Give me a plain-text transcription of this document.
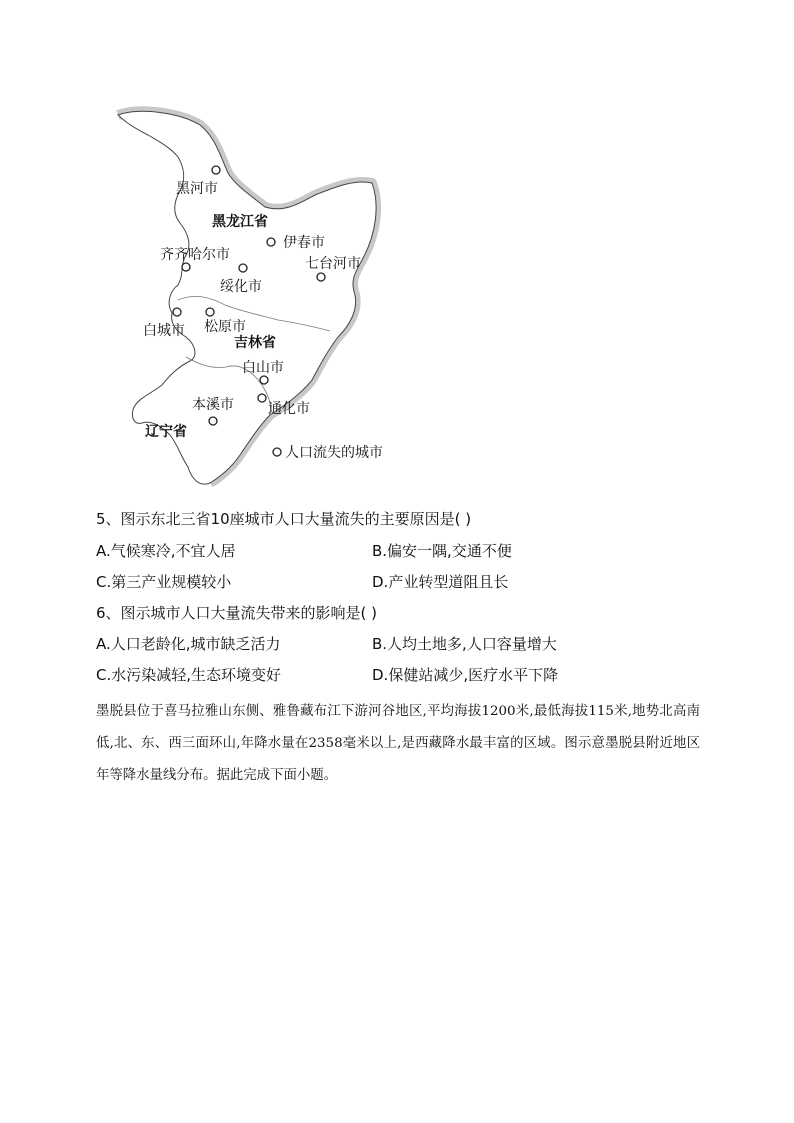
黑河市
黑龙江省
伊春市
齐齐哈尔市
七台河市
绥化市
白城市 松原市
吉林省
白山市
本溪市 通化市
辽宁省
人口流失的城市
5、图示东北三省10座城市人口大量流失的主要原因是( )
A.气候寒冷,不宜人居	B.偏安一隅,交通不便
C.第三产业规模较小	D.产业转型道阻且长
6、图示城市人口大量流失带来的影响是( )
A.人口老龄化,城市缺乏活力	B.人均土地多,人口容量增大
C.水污染减轻,生态环境变好	D.保健站减少,医疗水平下降
墨脱县位于喜马拉雅山东侧、雅鲁藏布江下游河谷地区,平均海拔1200米,最低海拔115米,地势北高南低,北、东、西三面环山,年降水量在2358毫米以上,是西藏降水最丰富的区域。图示意墨脱县附近地区年等降水量线分布。据此完成下面小题。
